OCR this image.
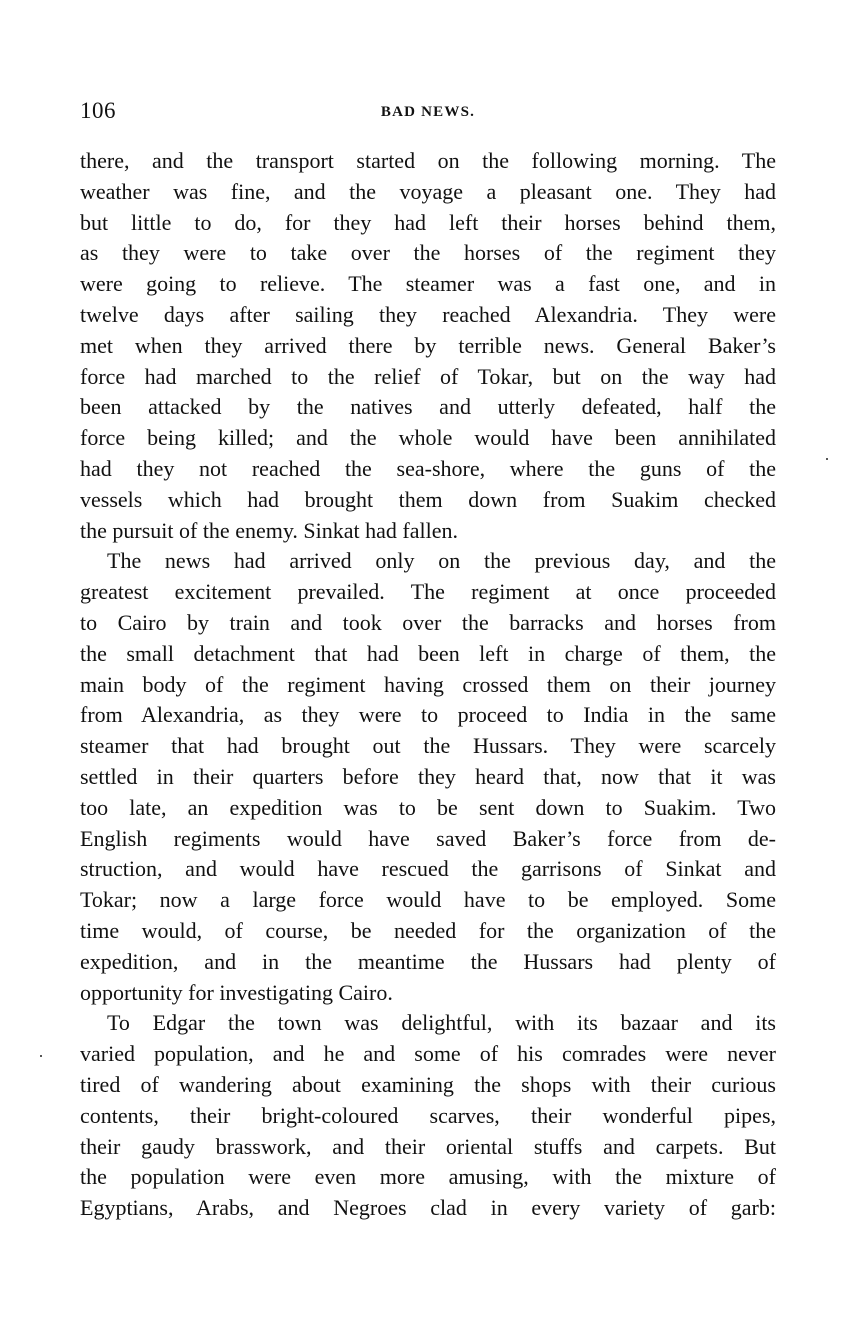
106	BAD NEWS.
there, and the transport started on the following morning. The
weather was fine, and the voyage a pleasant one. They had
but little to do, for they had left their horses behind them,
as they were to take over the horses of the regiment they
were going to relieve. The steamer was a fast one, and in
twelve days after sailing they reached Alexandria. They were
met when they arrived there by terrible news. General Baker’s
force had marched to the relief of Tokar, but on the way had
been attacked by the natives and utterly defeated, half the
force being killed; and the whole would have been annihilated
had they not reached the sea-shore, where the guns of the
vessels which had brought them down from Suakim checked
the pursuit of the enemy. Sinkat had fallen.
The news had arrived only on the previous day, and the
greatest excitement prevailed. The regiment at once proceeded
to Cairo by train and took over the barracks and horses from
the small detachment that had been left in charge of them, the
main body of the regiment having crossed them on their journey
from Alexandria, as they were to proceed to India in the same
steamer that had brought out the Hussars. They were scarcely
settled in their quarters before they heard that, now that it was
too late, an expedition was to be sent down to Suakim. Two
English regiments would have saved Baker’s force from de-
struction, and would have rescued the garrisons of Sinkat and
Tokar; now a large force would have to be employed. Some
time would, of course, be needed for the organization of the
expedition, and in the meantime the Hussars had plenty of
opportunity for investigating Cairo.
To Edgar the town was delightful, with its bazaar and its
varied population, and he and some of his comrades were never
tired of wandering about examining the shops with their curious
contents, their bright-coloured scarves, their wonderful pipes,
their gaudy brasswork, and their oriental stuffs and carpets. But
the population were even more amusing, with the mixture of
Egyptians, Arabs, and Negroes clad in every variety of garb:
